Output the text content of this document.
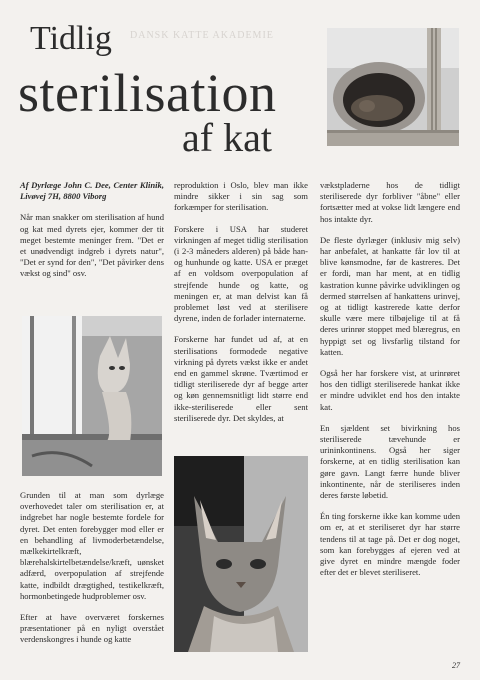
DANSK KATTE AKADEMIE
Tidlig
sterilisation
af kat

Af Dyrlæge John C. Dee, Center Klinik, Livøvej 7H, 8800 Viborg

Når man snakker om sterilisation af hund og kat med dyrets ejer, kommer der tit meget bestemte meninger frem. "Det er et unødvendigt indgreb i dyrets natur", "Det er synd for den", "Det påvirker dens vækst og sind" osv.

Grunden til at man som dyrlæge overhovedet taler om sterilisation er, at indgrebet har nogle bestemte fordele for dyret. Det enten forebygger mod eller er en behandling af livmoderbetændelse, mælkekirtelkræft, blærehalskirtelbetændelse/kræft, uønsket adfærd, overpopulation af strejfende katte, indbildt drægtighed, testikelkræft, hormonbetingede hudproblemer osv.

Efter at have overværet forskernes præsentationer på en nyligt overstået verdenskongres i hunde og katte

reproduktion i Oslo, blev man ikke mindre sikker i sin sag som forkæmper for sterilisation.

Forskere i USA har studeret virkningen af meget tidlig sterilisation (i 2-3 måneders alderen) på både han- og hunhunde og katte. USA er præget af en voldsom overpopulation af strejfende hunde og katte, og meningen er, at man delvist kan få problemet løst ved at sterilisere dyrene, inden de forlader internaterne.

Forskerne har fundet ud af, at en sterilisations formodede negative virkning på dyrets vækst ikke er andet end en gammel skrøne. Tværtimod er tidligt steriliserede dyr af begge arter og køn gennemsnitligt lidt større end ikke-steriliserede eller sent steriliserede dyr. Det skyldes, at

vækstpladerne hos de tidligt steriliserede dyr forbliver "åbne" eller fortsætter med at vokse lidt længere end hos intakte dyr.

De fleste dyrlæger (inklusiv mig selv) har anbefalet, at hankatte får lov til at blive kønsmodne, før de kastreres. Det er fordi, man har ment, at en tidlig kastration kunne påvirke udviklingen og dermed størrelsen af hankattens urinvej, og at tidligt kastrerede katte derfor skulle være mere tilbøjelige til at få deres urinrør stoppet med blæregrus, en hyppigt set og livsfarlig tilstand for katten.

Også her har forskere vist, at urinrøret hos den tidligt steriliserede hankat ikke er mindre udviklet end hos den intakte kat.

En sjældent set bivirkning hos steriliserede tævehunde er urininkontinens. Også her siger forskerne, at en tidlig sterilisation kan gøre gavn. Langt færre hunde bliver inkontinente, når de steriliseres inden deres første løbetid.

Én ting forskerne ikke kan komme uden om er, at et steriliseret dyr har større tendens til at tage på. Det er dog noget, som kan forebygges af ejeren ved at give dyret en mindre mængde foder efter det er blevet steriliseret.

27
